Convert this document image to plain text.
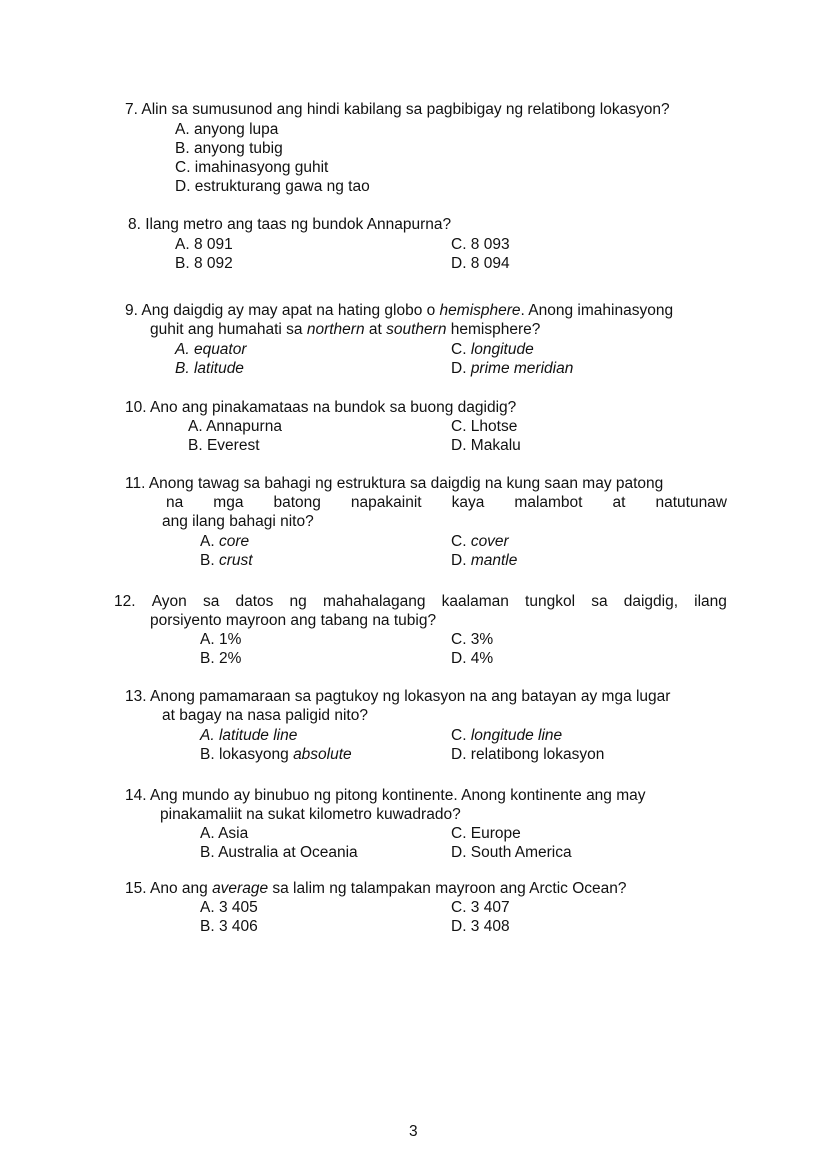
7. Alin sa sumusunod ang hindi kabilang sa pagbibigay ng relatibong lokasyon?
A. anyong lupa
B. anyong tubig
C. imahinasyong guhit
D. estrukturang gawa ng tao
8. Ilang metro ang taas ng bundok Annapurna?
A. 8 091
B. 8 092
C. 8 093
D. 8 094
9. Ang daigdig ay may apat na hating globo o hemisphere. Anong imahinasyong
guhit ang humahati sa northern at southern hemisphere?
A. equator
B. latitude
C. longitude
D. prime meridian
10. Ano ang pinakamataas na bundok sa buong dagidig?
A. Annapurna
B. Everest
C. Lhotse
D. Makalu
11. Anong tawag sa bahagi ng estruktura sa daigdig na kung saan may patong
na mga batong napakainit kaya malambot at natutunaw
ang ilang bahagi nito?
A. core
B. crust
C. cover
D. mantle
12. Ayon sa datos ng mahahalagang kaalaman tungkol sa daigdig, ilang
porsiyento mayroon ang tabang na tubig?
A. 1%
B. 2%
C. 3%
D. 4%
13. Anong pamamaraan sa pagtukoy ng lokasyon na ang batayan ay mga lugar
at bagay na nasa paligid nito?
A. latitude line
B. lokasyong absolute
C. longitude line
D. relatibong lokasyon
14. Ang mundo ay binubuo ng pitong kontinente. Anong kontinente ang may
pinakamaliit na sukat kilometro kuwadrado?
A. Asia
B. Australia at Oceania
C. Europe
D. South America
15. Ano ang average sa lalim ng talampakan mayroon ang Arctic Ocean?
A. 3 405
B. 3 406
C. 3 407
D. 3 408
3
